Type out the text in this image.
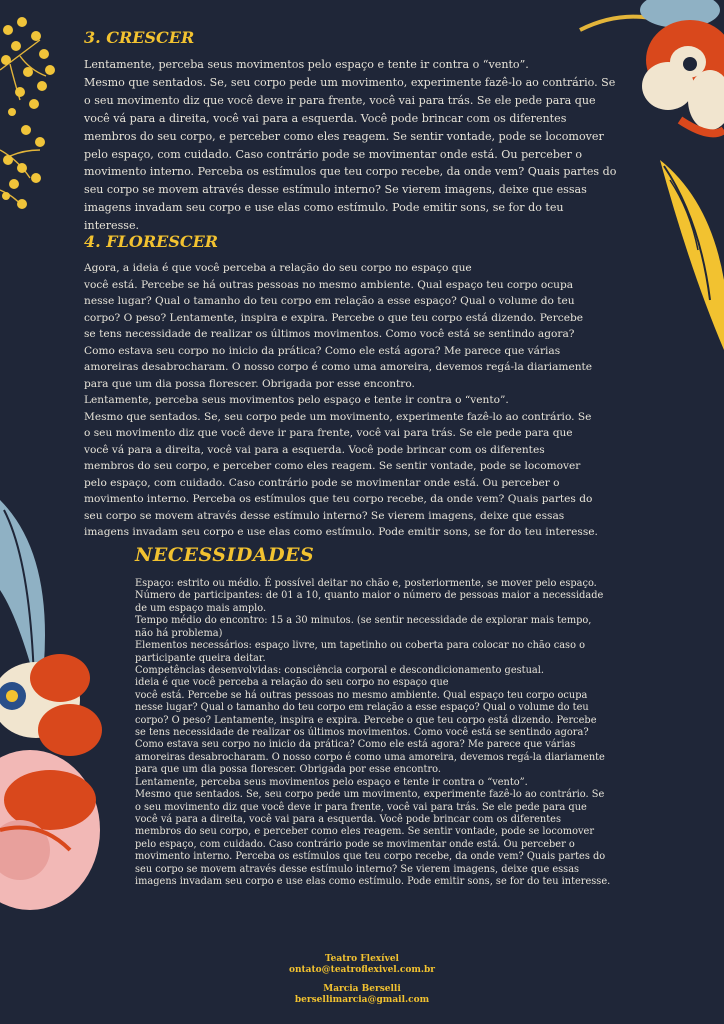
3. CRESCER

Lentamente, perceba seus movimentos pelo espaço e tente ir contra o “vento”.
Mesmo que sentados. Se, seu corpo pede um movimento, experimente fazê-lo ao contrário. Se
o seu movimento diz que você deve ir para frente, você vai para trás. Se ele pede para que
você vá para a direita, você vai para a esquerda. Você pode brincar com os diferentes
membros do seu corpo, e perceber como eles reagem. Se sentir vontade, pode se locomover
pelo espaço, com cuidado. Caso contrário pode se movimentar onde está. Ou perceber o
movimento interno. Perceba os estímulos que teu corpo recebe, da onde vem? Quais partes do
seu corpo se movem através desse estímulo interno? Se vierem imagens, deixe que essas
imagens invadam seu corpo e use elas como estímulo. Pode emitir sons, se for do teu
interesse.

4. FLORESCER

Agora, a ideia é que você perceba a relação do seu corpo no espaço que
você está. Percebe se há outras pessoas no mesmo ambiente. Qual espaço teu corpo ocupa
nesse lugar? Qual o tamanho do teu corpo em relação a esse espaço? Qual o volume do teu
corpo? O peso? Lentamente, inspira e expira. Percebe o que teu corpo está dizendo. Percebe
se tens necessidade de realizar os últimos movimentos. Como você está se sentindo agora?
Como estava seu corpo no inicio da prática? Como ele está agora? Me parece que várias
amoreiras desabrocharam. O nosso corpo é como uma amoreira, devemos regá-la diariamente
para que um dia possa florescer. Obrigada por esse encontro.
Lentamente, perceba seus movimentos pelo espaço e tente ir contra o “vento”.
Mesmo que sentados. Se, seu corpo pede um movimento, experimente fazê-lo ao contrário. Se
o seu movimento diz que você deve ir para frente, você vai para trás. Se ele pede para que
você vá para a direita, você vai para a esquerda. Você pode brincar com os diferentes
membros do seu corpo, e perceber como eles reagem. Se sentir vontade, pode se locomover
pelo espaço, com cuidado. Caso contrário pode se movimentar onde está. Ou perceber o
movimento interno. Perceba os estímulos que teu corpo recebe, da onde vem? Quais partes do
seu corpo se movem através desse estímulo interno? Se vierem imagens, deixe que essas
imagens invadam seu corpo e use elas como estímulo. Pode emitir sons, se for do teu interesse.

NECESSIDADES

Espaço: estrito ou médio. É possível deitar no chão e, posteriormente, se mover pelo espaço.
Número de participantes: de 01 a 10, quanto maior o número de pessoas maior a necessidade
de um espaço mais amplo.
Tempo médio do encontro: 15 a 30 minutos. (se sentir necessidade de explorar mais tempo,
não há problema)
Elementos necessários: espaço livre, um tapetinho ou coberta para colocar no chão caso o
participante queira deitar.
Competências desenvolvidas: consciência corporal e descondicionamento gestual.
ideia é que você perceba a relação do seu corpo no espaço que
você está. Percebe se há outras pessoas no mesmo ambiente. Qual espaço teu corpo ocupa
nesse lugar? Qual o tamanho do teu corpo em relação a esse espaço? Qual o volume do teu
corpo? O peso? Lentamente, inspira e expira. Percebe o que teu corpo está dizendo. Percebe
se tens necessidade de realizar os últimos movimentos. Como você está se sentindo agora?
Como estava seu corpo no inicio da prática? Como ele está agora? Me parece que várias
amoreiras desabrocharam. O nosso corpo é como uma amoreira, devemos regá-la diariamente
para que um dia possa florescer. Obrigada por esse encontro.
Lentamente, perceba seus movimentos pelo espaço e tente ir contra o “vento”.
Mesmo que sentados. Se, seu corpo pede um movimento, experimente fazê-lo ao contrário. Se
o seu movimento diz que você deve ir para frente, você vai para trás. Se ele pede para que
você vá para a direita, você vai para a esquerda. Você pode brincar com os diferentes
membros do seu corpo, e perceber como eles reagem. Se sentir vontade, pode se locomover
pelo espaço, com cuidado. Caso contrário pode se movimentar onde está. Ou perceber o
movimento interno. Perceba os estímulos que teu corpo recebe, da onde vem? Quais partes do
seu corpo se movem através desse estímulo interno? Se vierem imagens, deixe que essas
imagens invadam seu corpo e use elas como estímulo. Pode emitir sons, se for do teu interesse.

Teatro Flexível
ontato@teatroflexivel.com.br
Marcia Berselli
bersellimarcia@gmail.com
